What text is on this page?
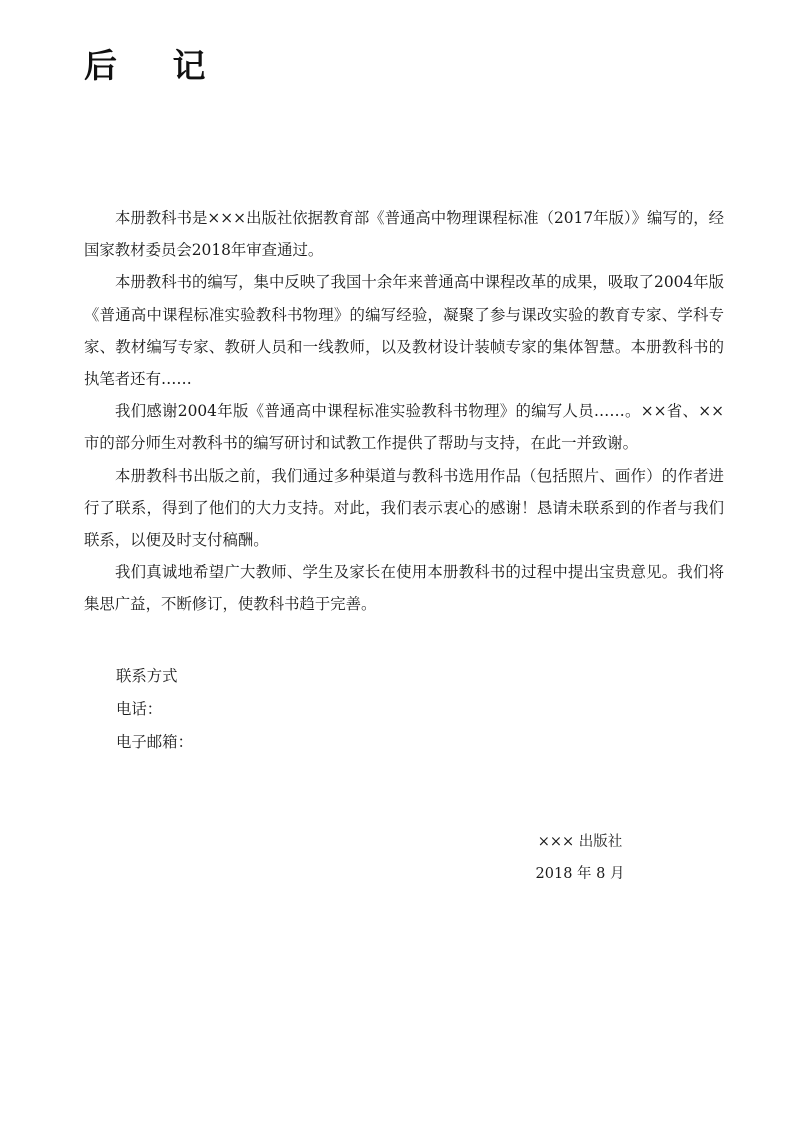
后 记

本册教科书是×××出版社依据教育部《普通高中物理课程标准（2017年版）》编写的，经国家教材委员会2018年审查通过。

本册教科书的编写，集中反映了我国十余年来普通高中课程改革的成果，吸取了2004年版《普通高中课程标准实验教科书物理》的编写经验，凝聚了参与课改实验的教育专家、学科专家、教材编写专家、教研人员和一线教师，以及教材设计装帧专家的集体智慧。本册教科书的执笔者还有……

我们感谢2004年版《普通高中课程标准实验教科书物理》的编写人员……。××省、××市的部分师生对教科书的编写研讨和试教工作提供了帮助与支持，在此一并致谢。

本册教科书出版之前，我们通过多种渠道与教科书选用作品（包括照片、画作）的作者进行了联系，得到了他们的大力支持。对此，我们表示衷心的感谢！恳请未联系到的作者与我们联系，以便及时支付稿酬。

我们真诚地希望广大教师、学生及家长在使用本册教科书的过程中提出宝贵意见。我们将集思广益，不断修订，使教科书趋于完善。

联系方式
电话：
电子邮箱：
××× 出版社
2018 年 8 月
